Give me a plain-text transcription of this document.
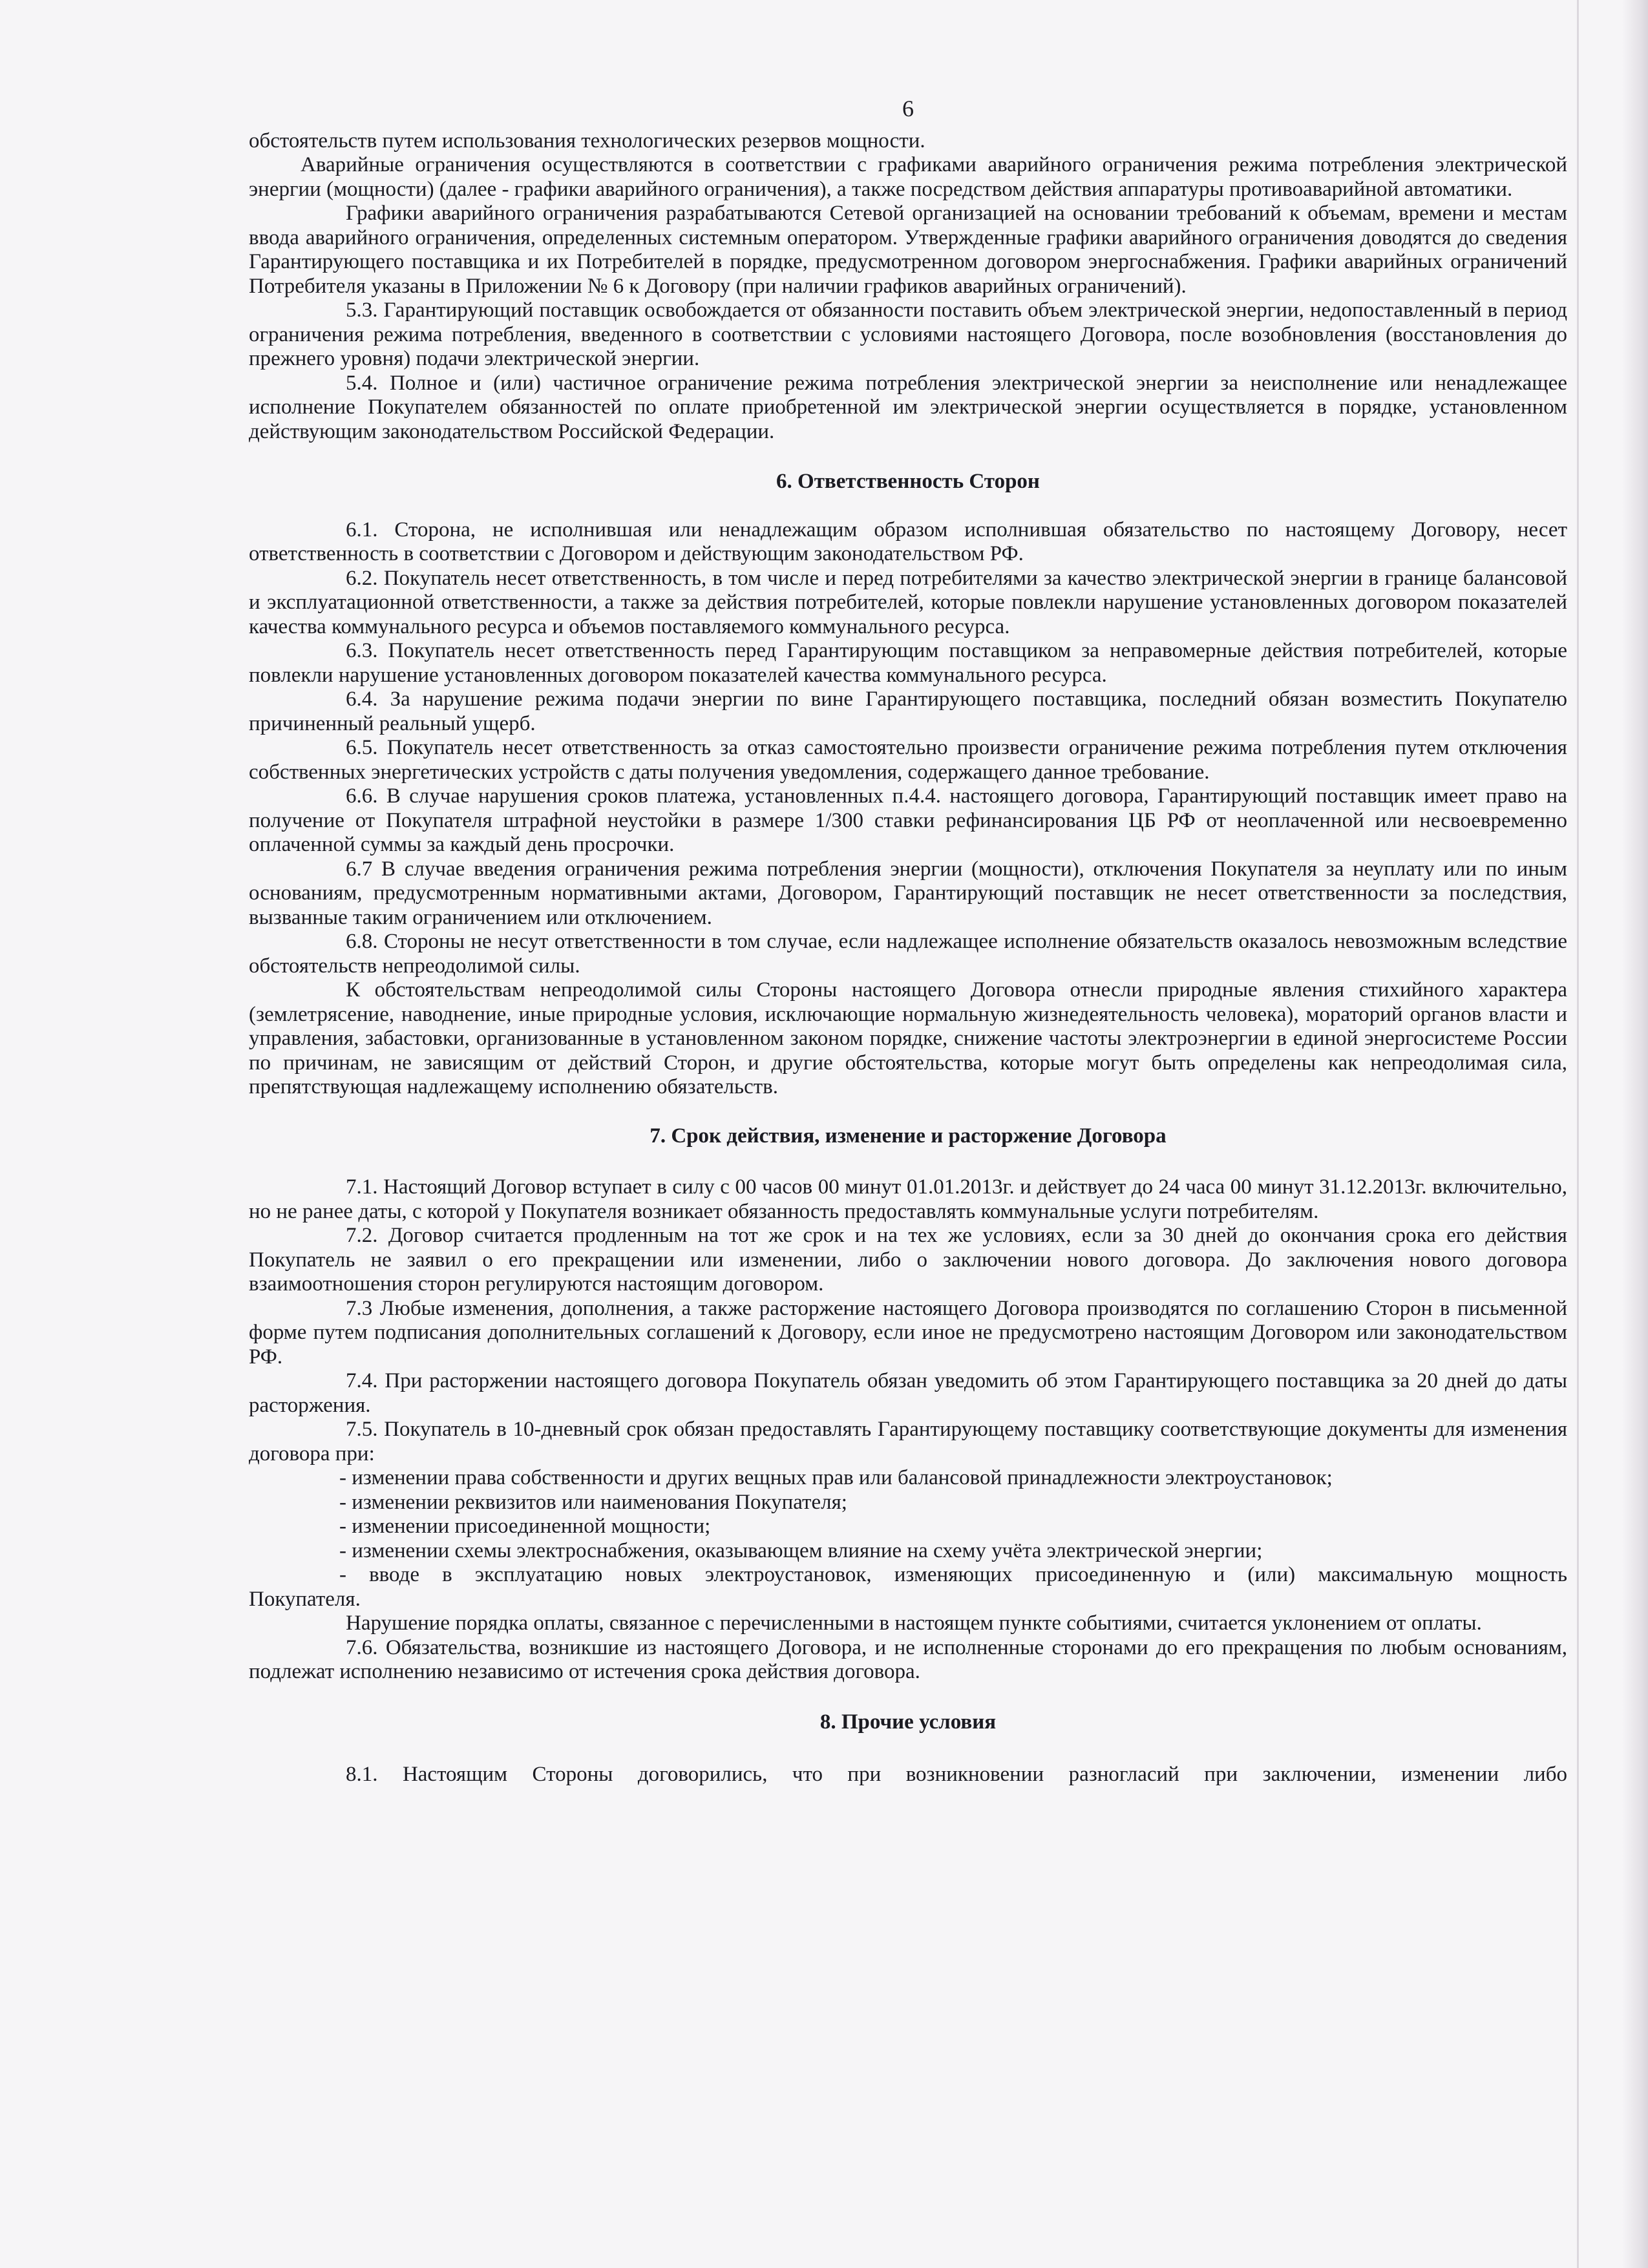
6

обстоятельств путем использования технологических резервов мощности.

Аварийные ограничения осуществляются в соответствии с графиками аварийного ограничения режима потребления электрической энергии (мощности) (далее - графики аварийного ограничения), а также посредством действия аппаратуры противоаварийной автоматики.

Графики аварийного ограничения разрабатываются Сетевой организацией на основании требований к объемам, времени и местам ввода аварийного ограничения, определенных системным оператором. Утвержденные графики аварийного ограничения доводятся до сведения Гарантирующего поставщика и их Потребителей в порядке, предусмотренном договором энергоснабжения. Графики аварийных ограничений Потребителя указаны в Приложении № 6 к Договору (при наличии графиков аварийных ограничений).

5.3. Гарантирующий поставщик освобождается от обязанности поставить объем электрической энергии, недопоставленный в период ограничения режима потребления, введенного в соответствии с условиями настоящего Договора, после возобновления (восстановления до прежнего уровня) подачи электрической энергии.

5.4. Полное и (или) частичное ограничение режима потребления электрической энергии за неисполнение или ненадлежащее исполнение Покупателем обязанностей по оплате приобретенной им электрической энергии осуществляется в порядке, установленном действующим законодательством Российской Федерации.

6. Ответственность Сторон

6.1. Сторона, не исполнившая или ненадлежащим образом исполнившая обязательство по настоящему Договору, несет ответственность в соответствии с Договором и действующим законодательством РФ.

6.2. Покупатель несет ответственность, в том числе и перед потребителями за качество электрической энергии в границе балансовой и эксплуатационной ответственности, а также за действия потребителей, которые повлекли нарушение установленных договором показателей качества коммунального ресурса и объемов поставляемого коммунального ресурса.

6.3. Покупатель несет ответственность перед Гарантирующим поставщиком за неправомерные действия потребителей, которые повлекли нарушение установленных договором показателей качества коммунального ресурса.

6.4. За нарушение режима подачи энергии по вине Гарантирующего поставщика, последний обязан возместить Покупателю причиненный реальный ущерб.

6.5. Покупатель несет ответственность за отказ самостоятельно произвести ограничение режима потребления путем отключения собственных энергетических устройств с даты получения уведомления, содержащего данное требование.

6.6. В случае нарушения сроков платежа, установленных п.4.4. настоящего договора, Гарантирующий поставщик имеет право на получение от Покупателя штрафной неустойки в размере 1/300 ставки рефинансирования ЦБ РФ от неоплаченной или несвоевременно оплаченной суммы за каждый день просрочки.

6.7 В случае введения ограничения режима потребления энергии (мощности), отключения Покупателя за неуплату или по иным основаниям, предусмотренным нормативными актами, Договором, Гарантирующий поставщик не несет ответственности за последствия, вызванные таким ограничением или отключением.

6.8. Стороны не несут ответственности в том случае, если надлежащее исполнение обязательств оказалось невозможным вследствие обстоятельств непреодолимой силы.

К обстоятельствам непреодолимой силы Стороны настоящего Договора отнесли природные явления стихийного характера (землетрясение, наводнение, иные природные условия, исключающие нормальную жизнедеятельность человека), мораторий органов власти и управления, забастовки, организованные в установленном законом порядке, снижение частоты электроэнергии в единой энергосистеме России по причинам, не зависящим от действий Сторон, и другие обстоятельства, которые могут быть определены как непреодолимая сила, препятствующая надлежащему исполнению обязательств.

7. Срок действия, изменение и расторжение Договора

7.1. Настоящий Договор вступает в силу с 00 часов 00 минут 01.01.2013г. и действует до 24 часа 00 минут 31.12.2013г. включительно, но не ранее даты, с которой у Покупателя возникает обязанность предоставлять коммунальные услуги потребителям.

7.2. Договор считается продленным на тот же срок и на тех же условиях, если за 30 дней до окончания срока его действия Покупатель не заявил о его прекращении или изменении, либо о заключении нового договора. До заключения нового договора взаимоотношения сторон регулируются настоящим договором.

7.3 Любые изменения, дополнения, а также расторжение настоящего Договора производятся по соглашению Сторон в письменной форме путем подписания дополнительных соглашений к Договору, если иное не предусмотрено настоящим Договором или законодательством РФ.

7.4. При расторжении настоящего договора Покупатель обязан уведомить об этом Гарантирующего поставщика за 20 дней до даты расторжения.

7.5. Покупатель в 10-дневный срок обязан предоставлять Гарантирующему поставщику соответствующие документы для изменения договора при:

- изменении права собственности и других вещных прав или балансовой принадлежности электроустановок;

- изменении реквизитов или наименования Покупателя;

- изменении присоединенной мощности;

- изменении схемы электроснабжения, оказывающем влияние на схему учёта электрической энергии;

- вводе в эксплуатацию новых электроустановок, изменяющих присоединенную и (или) максимальную мощность

Покупателя.

Нарушение порядка оплаты, связанное с перечисленными в настоящем пункте событиями, считается уклонением от оплаты.

7.6. Обязательства, возникшие из настоящего Договора, и не исполненные сторонами до его прекращения по любым основаниям, подлежат исполнению независимо от истечения срока действия договора.

8. Прочие условия

8.1. Настоящим Стороны договорились, что при возникновении разногласий при заключении, изменении либо
